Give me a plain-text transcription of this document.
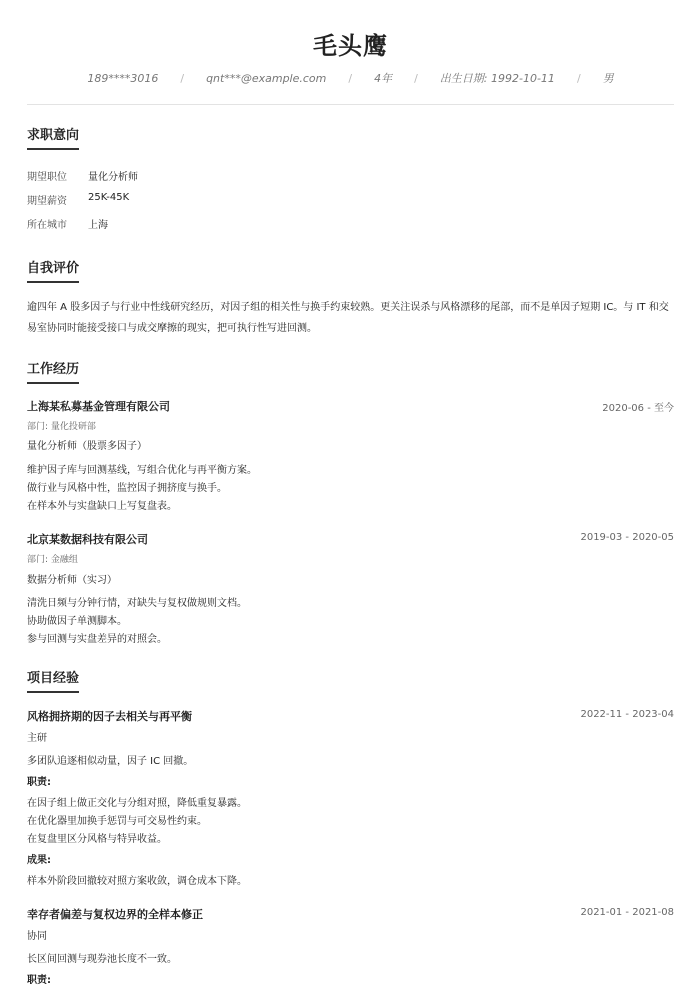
毛头鹰
189****3016 / qnt***@example.com / 4年 / 出生日期: 1992-10-11 / 男
求职意向
期望职位 量化分析师
期望薪资 25K-45K
所在城市 上海
自我评价
逾四年 A 股多因子与行业中性线研究经历，对因子组的相关性与换手约束较熟。更关注误杀与风格漂移的尾部，而不是单因子短期 IC。与 IT 和交易室协同时能接受接口与成交摩擦的现实，把可执行性写进回测。
工作经历
上海某私募基金管理有限公司	2020-06 - 至今
部门: 量化投研部
量化分析师（股票多因子）
维护因子库与回测基线，写组合优化与再平衡方案。
做行业与风格中性，监控因子拥挤度与换手。
在样本外与实盘缺口上写复盘表。
北京某数据科技有限公司	2019-03 - 2020-05
部门: 金融组
数据分析师（实习）
清洗日频与分钟行情，对缺失与复权做规则文档。
协助做因子单测脚本。
参与回测与实盘差异的对照会。
项目经验
风格拥挤期的因子去相关与再平衡	2022-11 - 2023-04
主研
多团队追逐相似动量，因子 IC 回撤。
职责:
在因子组上做正交化与分组对照，降低重复暴露。
在优化器里加换手惩罚与可交易性约束。
在复盘里区分风格与特异收益。
成果:
样本外阶段回撤较对照方案收敛，调仓成本下降。
幸存者偏差与复权边界的全样本修正	2021-01 - 2021-08
协同
长区间回测与现券池长度不一致。
职责:
